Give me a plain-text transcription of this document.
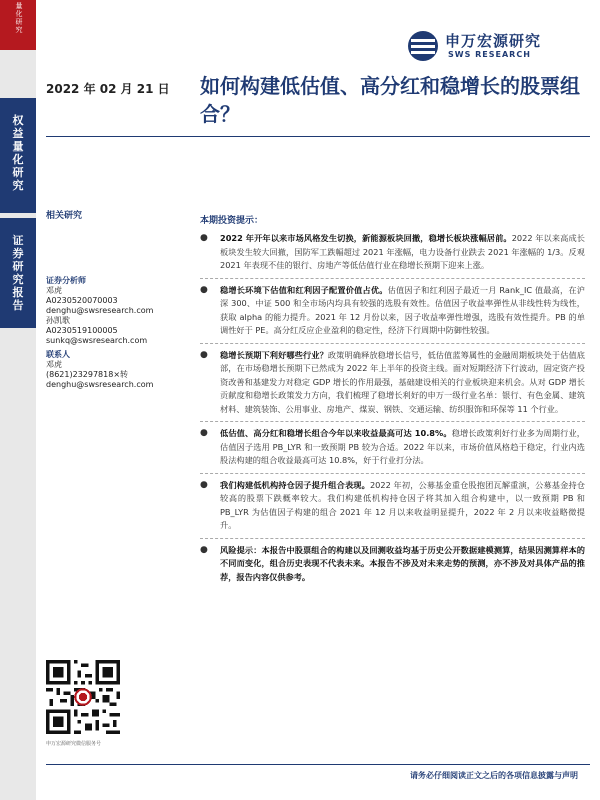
量化研究
权益量化研究
证券研究报告
申万宏源研究
SWS RESEARCH
2022 年 02 月 21 日 如何构建低估值、高分红和稳增长的股票组合？
相关研究
证券分析师
邓虎
A0230520070003
denghu@swsresearch.com
孙凯歌
A0230519100005
sunkq@swsresearch.com
联系人
邓虎
(8621)23297818×转
denghu@swsresearch.com
本期投资提示：
● 2022 年开年以来市场风格发生切换，新能源板块回撤，稳增长板块涨幅居前。2022 年以来高成长板块发生较大回撤，国防军工跌幅超过 2021 年涨幅，电力设备行业跌去 2021 年涨幅的 1/3。反观 2021 年表现不佳的银行、房地产等低估值行业在稳增长预期下迎来上涨。
● 稳增长环境下估值和红利因子配置价值占优。估值因子和红利因子最近一月 Rank_IC 值最高，在沪深 300、中证 500 和全市场内均具有较强的选股有效性。估值因子收益率弹性从非线性转为线性，获取 alpha 的能力提升。2021 年 12 月份以来，因子收益率弹性增强，选股有效性提升。PB 的单调性好于 PE。高分红反应企业盈利的稳定性，经济下行周期中防御性较强。
● 稳增长预期下利好哪些行业？政策明确释放稳增长信号，低估值蓝筹属性的金融周期板块处于估值底部，在市场稳增长预期下已然成为 2022 年上半年的投资主线。面对短期经济下行波动，固定资产投资改善和基建发力对稳定 GDP 增长的作用最强，基础建设相关的行业板块迎来机会。从对 GDP 增长贡献度和稳增长政策发力方向，我们梳理了稳增长利好的申万一级行业名单：银行、有色金属、建筑材料、建筑装饰、公用事业、房地产、煤炭、钢铁、交通运输、纺织服饰和环保等 11 个行业。
● 低估值、高分红和稳增长组合今年以来收益最高可达 10.8%。稳增长政策利好行业多为周期行业，估值因子选用 PB_LYR 和一致预期 PB 较为合适。2022 年以来，市场价值风格趋于稳定，行业内选股法构建的组合收益最高可达 10.8%，好于行业打分法。
● 我们构建低机构持仓因子提升组合表现。2022 年初，公募基金重仓股抱团瓦解重演，公募基金持仓较高的股票下跌概率较大。我们构建低机构持仓因子将其加入组合构建中，以一致预期 PB 和 PB_LYR 为估值因子构建的组合 2021 年 12 月以来收益明显提升，2022 年 2 月以来收益略微提升。
● 风险提示：本报告中股票组合的构建以及回测收益均基于历史公开数据建模测算，结果因测算样本的不同而变化，组合历史表现不代表未来。本报告不涉及对未来走势的预测，亦不涉及对具体产品的推荐，报告内容仅供参考。
申万宏源研究微信服务号
请务必仔细阅读正文之后的各项信息披露与声明
